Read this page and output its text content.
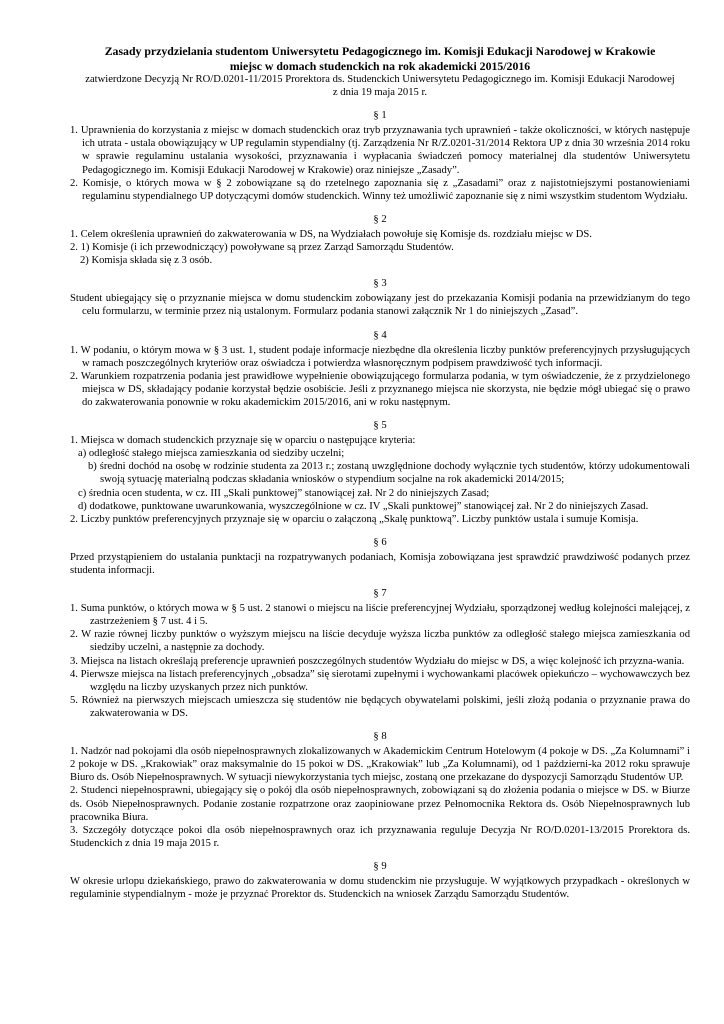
Zasady przydzielania studentom Uniwersytetu Pedagogicznego im. Komisji Edukacji Narodowej w Krakowie

miejsc w domach studenckich na rok akademicki 2015/2016

zatwierdzone Decyzją Nr RO/D.0201-11/2015 Prorektora ds. Studenckich Uniwersytetu Pedagogicznego im. Komisji Edukacji Narodowej
z dnia 19 maja 2015 r.

§ 1

1. Uprawnienia do korzystania z miejsc w domach studenckich oraz tryb przyznawania tych uprawnień - także okoliczności, w których następuje ich utrata - ustala obowiązujący w UP regulamin stypendialny (tj. Zarządzenia Nr R/Z.0201-31/2014 Rektora UP z dnia 30 września 2014 roku w sprawie regulaminu ustalania wysokości, przyznawania i wypłacania świadczeń pomocy materialnej dla studentów Uniwersytetu Pedagogicznego im. Komisji Edukacji Narodowej w Krakowie) oraz niniejsze „Zasady”.

2. Komisje, o których mowa w § 2 zobowiązane są do rzetelnego zapoznania się z „Zasadami” oraz z najistotniejszymi postanowieniami regulaminu stypendialnego UP dotyczącymi domów studenckich. Winny też umożliwić zapoznanie się z nimi wszystkim studentom Wydziału.

§ 2

1. Celem określenia uprawnień do zakwaterowania w DS, na Wydziałach powołuje się Komisje ds. rozdziału miejsc w DS.

2. 1) Komisje (i ich przewodniczący) powoływane są przez Zarząd Samorządu Studentów.

2) Komisja składa się z 3 osób.

§ 3

Student ubiegający się o przyznanie miejsca w domu studenckim zobowiązany jest do przekazania Komisji podania na przewidzianym do tego celu formularzu, w terminie przez nią ustalonym. Formularz podania stanowi załącznik Nr 1 do niniejszych „Zasad”.

§ 4

1. W podaniu, o którym mowa w § 3 ust. 1, student podaje informacje niezbędne dla określenia liczby punktów preferencyjnych przysługujących w ramach poszczególnych kryteriów oraz oświadcza i potwierdza własnoręcznym podpisem prawdziwość tych informacji.

2. Warunkiem rozpatrzenia podania jest prawidłowe wypełnienie obowiązującego formularza podania, w tym oświadczenie, że z przydzielonego miejsca w DS, składający podanie korzystał będzie osobiście. Jeśli z przyznanego miejsca nie skorzysta, nie będzie mógł ubiegać się o prawo do zakwaterowania ponownie w roku akademickim 2015/2016, ani w roku następnym.

§ 5

1. Miejsca w domach studenckich przyznaje się w oparciu o następujące kryteria:

a) odległość stałego miejsca zamieszkania od siedziby uczelni;

b) średni dochód na osobę w rodzinie studenta za 2013 r.; zostaną uwzględnione dochody wyłącznie tych studentów, którzy udokumentowali swoją sytuację materialną podczas składania wniosków o stypendium socjalne na rok akademicki 2014/2015;

c) średnia ocen studenta, w cz. III „Skali punktowej” stanowiącej zał. Nr 2 do niniejszych Zasad;

d) dodatkowe, punktowane uwarunkowania, wyszczególnione w cz. IV „Skali punktowej” stanowiącej zał. Nr 2 do niniejszych Zasad.

2. Liczby punktów preferencyjnych przyznaje się w oparciu o załączoną „Skalę punktową”. Liczby punktów ustala i sumuje Komisja.

§ 6

Przed przystąpieniem do ustalania punktacji na rozpatrywanych podaniach, Komisja zobowiązana jest sprawdzić prawdziwość podanych przez studenta informacji.

§ 7

1. Suma punktów, o których mowa w § 5 ust. 2 stanowi o miejscu na liście preferencyjnej Wydziału, sporządzonej według kolejności malejącej, z zastrzeżeniem § 7 ust. 4 i 5.

2. W razie równej liczby punktów o wyższym miejscu na liście decyduje wyższa liczba punktów za odległość stałego miejsca zamieszkania od siedziby uczelni, a następnie za dochody.

3. Miejsca na listach określają preferencje uprawnień poszczególnych studentów Wydziału do miejsc w DS, a więc kolejność ich przyzna-wania.

4. Pierwsze miejsca na listach preferencyjnych „obsadza” się sierotami zupełnymi i wychowankami placówek opiekuńczo – wychowawczych bez względu na liczby uzyskanych przez nich punktów.

5. Również na pierwszych miejscach umieszcza się studentów nie będących obywatelami polskimi, jeśli złożą podania o przyznanie prawa do zakwaterowania w DS.

§ 8

1. Nadzór nad pokojami dla osób niepełnosprawnych zlokalizowanych w Akademickim Centrum Hotelowym (4 pokoje w DS. „Za Kolumnami” i 2 pokoje w DS. „Krakowiak” oraz maksymalnie do 15 pokoi w DS. „Krakowiak” lub „Za Kolumnami), od 1 październi-ka 2012 roku sprawuje Biuro ds. Osób Niepełnosprawnych. W sytuacji niewykorzystania tych miejsc, zostaną one przekazane do dyspozycji Samorządu Studentów UP.

2. Studenci niepełnosprawni, ubiegający się o pokój dla osób niepełnosprawnych, zobowiązani są do złożenia podania o miejsce w DS. w Biurze ds. Osób Niepełnosprawnych. Podanie zostanie rozpatrzone oraz zaopiniowane przez Pełnomocnika Rektora ds. Osób Niepełnosprawnych lub pracownika Biura.

3. Szczegóły dotyczące pokoi dla osób niepełnosprawnych oraz ich przyznawania reguluje Decyzja Nr RO/D.0201-13/2015 Prorektora ds. Studenckich z dnia 19 maja 2015 r.

§ 9

W okresie urlopu dziekańskiego, prawo do zakwaterowania w domu studenckim nie przysługuje. W wyjątkowych przypadkach - określonych w regulaminie stypendialnym - może je przyznać Prorektor ds. Studenckich na wniosek Zarządu Samorządu Studentów.
